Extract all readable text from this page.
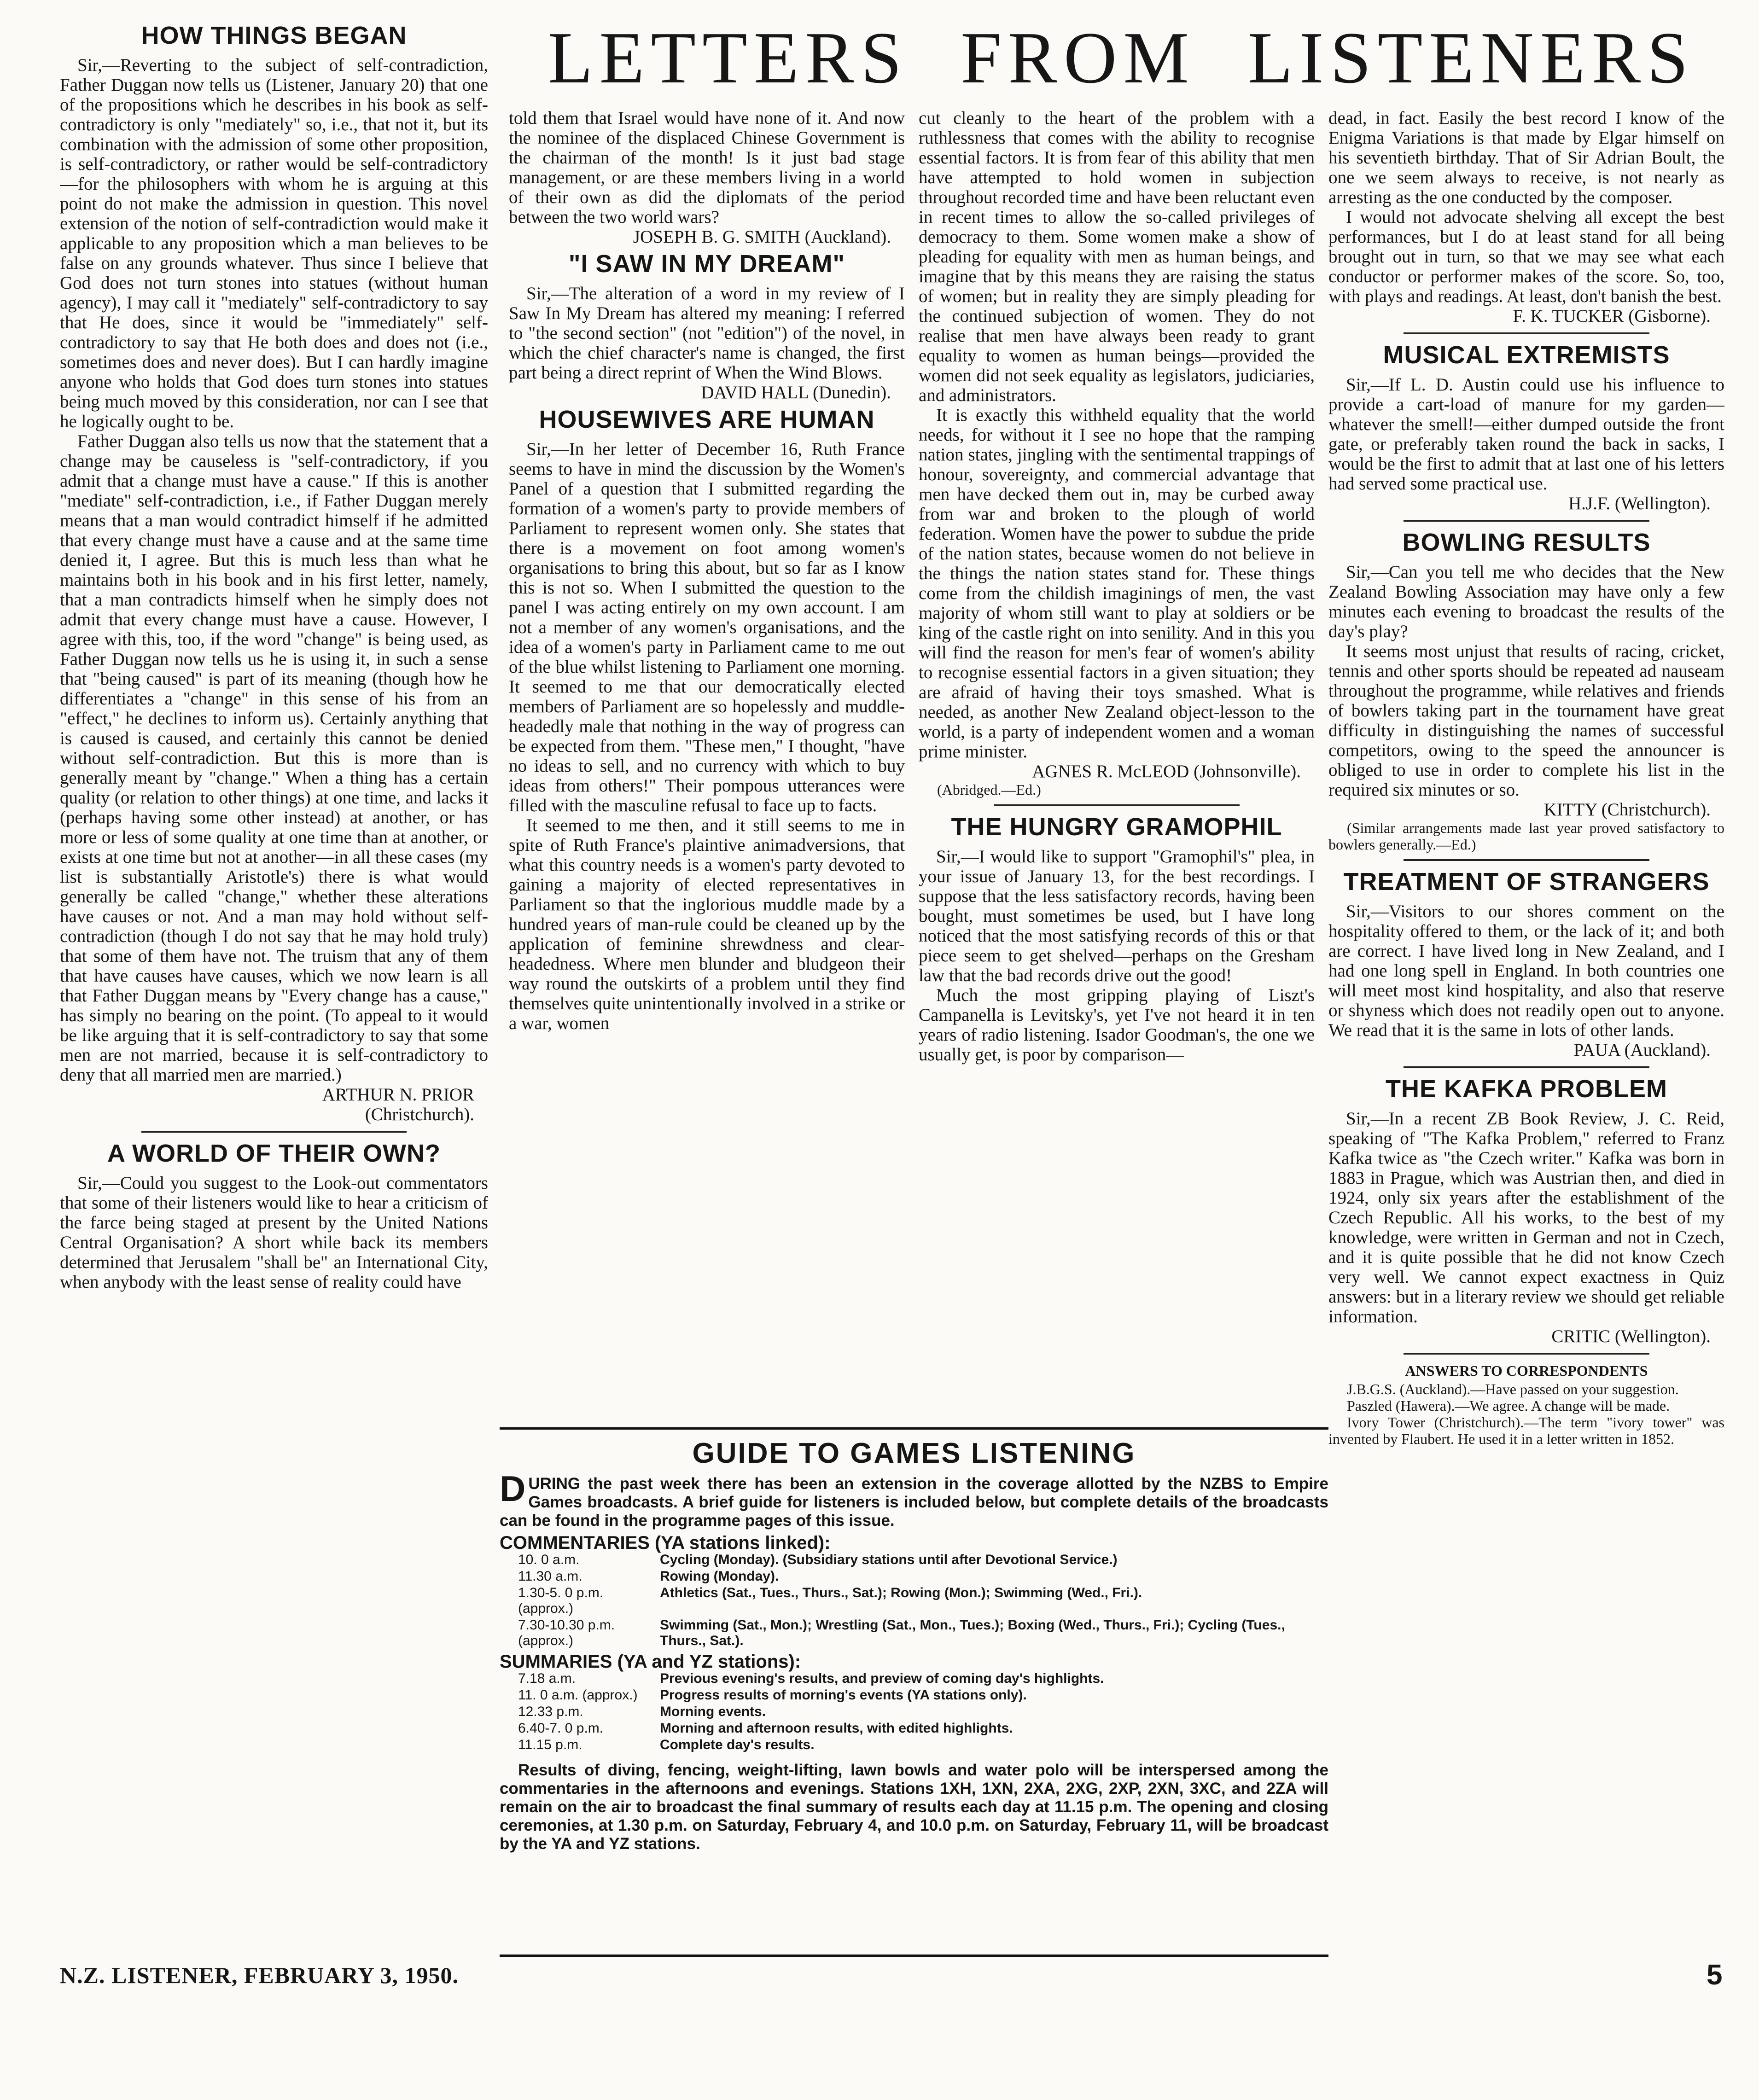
LETTERS FROM LISTENERS
HOW THINGS BEGAN

Sir,—Reverting to the subject of self-contradiction, Father Duggan now tells us (Listener, January 20) that one of the propositions which he describes in his book as self-contradictory is only "mediately" so, i.e., that not it, but its combination with the admission of some other proposition, is self-contradictory, or rather would be self-contradictory—for the philosophers with whom he is arguing at this point do not make the admission in question. This novel extension of the notion of self-contradiction would make it applicable to any proposition which a man believes to be false on any grounds whatever. Thus since I believe that God does not turn stones into statues (without human agency), I may call it "mediately" self-contradictory to say that He does, since it would be "immediately" self-contradictory to say that He both does and does not (i.e., sometimes does and never does). But I can hardly imagine anyone who holds that God does turn stones into statues being much moved by this consideration, nor can I see that he logically ought to be.

Father Duggan also tells us now that the statement that a change may be causeless is "self-contradictory, if you admit that a change must have a cause." If this is another "mediate" self-contradiction, i.e., if Father Duggan merely means that a man would contradict himself if he admitted that every change must have a cause and at the same time denied it, I agree. But this is much less than what he maintains both in his book and in his first letter, namely, that a man contradicts himself when he simply does not admit that every change must have a cause. However, I agree with this, too, if the word "change" is being used, as Father Duggan now tells us he is using it, in such a sense that "being caused" is part of its meaning (though how he differentiates a "change" in this sense of his from an "effect," he declines to inform us). Certainly anything that is caused is caused, and certainly this cannot be denied without self-contradiction. But this is more than is generally meant by "change." When a thing has a certain quality (or relation to other things) at one time, and lacks it (perhaps having some other instead) at another, or has more or less of some quality at one time than at another, or exists at one time but not at another—in all these cases (my list is substantially Aristotle's) there is what would generally be called "change," whether these alterations have causes or not. And a man may hold without self-contradiction (though I do not say that he may hold truly) that some of them have not. The truism that any of them that have causes have causes, which we now learn is all that Father Duggan means by "Every change has a cause," has simply no bearing on the point. (To appeal to it would be like arguing that it is self-contradictory to say that some men are not married, because it is self-contradictory to deny that all married men are married.)

ARTHUR N. PRIOR

(Christchurch).

A WORLD OF THEIR OWN?

Sir,—Could you suggest to the Look-out commentators that some of their listeners would like to hear a criticism of the farce being staged at present by the United Nations Central Organisation? A short while back its members determined that Jerusalem "shall be" an International City, when anybody with the least sense of reality could have

told them that Israel would have none of it. And now the nominee of the displaced Chinese Government is the chairman of the month! Is it just bad stage management, or are these members living in a world of their own as did the diplomats of the period between the two world wars?

JOSEPH B. G. SMITH (Auckland).

"I SAW IN MY DREAM"

Sir,—The alteration of a word in my review of I Saw In My Dream has altered my meaning: I referred to "the second section" (not "edition") of the novel, in which the chief character's name is changed, the first part being a direct reprint of When the Wind Blows.

DAVID HALL (Dunedin).

HOUSEWIVES ARE HUMAN

Sir,—In her letter of December 16, Ruth France seems to have in mind the discussion by the Women's Panel of a question that I submitted regarding the formation of a women's party to provide members of Parliament to represent women only. She states that there is a movement on foot among women's organisations to bring this about, but so far as I know this is not so. When I submitted the question to the panel I was acting entirely on my own account. I am not a member of any women's organisations, and the idea of a women's party in Parliament came to me out of the blue whilst listening to Parliament one morning. It seemed to me that our democratically elected members of Parliament are so hopelessly and muddle-headedly male that nothing in the way of progress can be expected from them. "These men," I thought, "have no ideas to sell, and no currency with which to buy ideas from others!" Their pompous utterances were filled with the masculine refusal to face up to facts.

It seemed to me then, and it still seems to me in spite of Ruth France's plaintive animadversions, that what this country needs is a women's party devoted to gaining a majority of elected representatives in Parliament so that the inglorious muddle made by a hundred years of man-rule could be cleaned up by the application of feminine shrewdness and clear-headedness. Where men blunder and bludgeon their way round the outskirts of a problem until they find themselves quite unintentionally involved in a strike or a war, women

cut cleanly to the heart of the problem with a ruthlessness that comes with the ability to recognise essential factors. It is from fear of this ability that men have attempted to hold women in subjection throughout recorded time and have been reluctant even in recent times to allow the so-called privileges of democracy to them. Some women make a show of pleading for equality with men as human beings, and imagine that by this means they are raising the status of women; but in reality they are simply pleading for the continued subjection of women. They do not realise that men have always been ready to grant equality to women as human beings—provided the women did not seek equality as legislators, judiciaries, and administrators.

It is exactly this withheld equality that the world needs, for without it I see no hope that the ramping nation states, jingling with the sentimental trappings of honour, sovereignty, and commercial advantage that men have decked them out in, may be curbed away from war and broken to the plough of world federation. Women have the power to subdue the pride of the nation states, because women do not believe in the things the nation states stand for. These things come from the childish imaginings of men, the vast majority of whom still want to play at soldiers or be king of the castle right on into senility. And in this you will find the reason for men's fear of women's ability to recognise essential factors in a given situation; they are afraid of having their toys smashed. What is needed, as another New Zealand object-lesson to the world, is a party of independent women and a woman prime minister.

AGNES R. McLEOD (Johnsonville).

(Abridged.—Ed.)

THE HUNGRY GRAMOPHIL

Sir,—I would like to support "Gramophil's" plea, in your issue of January 13, for the best recordings. I suppose that the less satisfactory records, having been bought, must sometimes be used, but I have long noticed that the most satisfying records of this or that piece seem to get shelved—perhaps on the Gresham law that the bad records drive out the good!

Much the most gripping playing of Liszt's Campanella is Levitsky's, yet I've not heard it in ten years of radio listening. Isador Goodman's, the one we usually get, is poor by comparison—

dead, in fact. Easily the best record I know of the Enigma Variations is that made by Elgar himself on his seventieth birthday. That of Sir Adrian Boult, the one we seem always to receive, is not nearly as arresting as the one conducted by the composer.

I would not advocate shelving all except the best performances, but I do at least stand for all being brought out in turn, so that we may see what each conductor or performer makes of the score. So, too, with plays and readings. At least, don't banish the best.

F. K. TUCKER (Gisborne).

MUSICAL EXTREMISTS

Sir,—If L. D. Austin could use his influence to provide a cart-load of manure for my garden—whatever the smell!—either dumped outside the front gate, or preferably taken round the back in sacks, I would be the first to admit that at last one of his letters had served some practical use.

H.J.F. (Wellington).

BOWLING RESULTS

Sir,—Can you tell me who decides that the New Zealand Bowling Association may have only a few minutes each evening to broadcast the results of the day's play?

It seems most unjust that results of racing, cricket, tennis and other sports should be repeated ad nauseam throughout the programme, while relatives and friends of bowlers taking part in the tournament have great difficulty in distinguishing the names of successful competitors, owing to the speed the announcer is obliged to use in order to complete his list in the required six minutes or so.

KITTY (Christchurch).

(Similar arrangements made last year proved satisfactory to bowlers generally.—Ed.)

TREATMENT OF STRANGERS

Sir,—Visitors to our shores comment on the hospitality offered to them, or the lack of it; and both are correct. I have lived long in New Zealand, and I had one long spell in England. In both countries one will meet most kind hospitality, and also that reserve or shyness which does not readily open out to anyone. We read that it is the same in lots of other lands.

PAUA (Auckland).

THE KAFKA PROBLEM

Sir,—In a recent ZB Book Review, J. C. Reid, speaking of "The Kafka Problem," referred to Franz Kafka twice as "the Czech writer." Kafka was born in 1883 in Prague, which was Austrian then, and died in 1924, only six years after the establishment of the Czech Republic. All his works, to the best of my knowledge, were written in German and not in Czech, and it is quite possible that he did not know Czech very well. We cannot expect exactness in Quiz answers: but in a literary review we should get reliable information.

CRITIC (Wellington).

ANSWERS TO CORRESPONDENTS

J.B.G.S. (Auckland).—Have passed on your suggestion.

Paszled (Hawera).—We agree. A change will be made.

Ivory Tower (Christchurch).—The term "ivory tower" was invented by Flaubert. He used it in a letter written in 1852.

GUIDE TO GAMES LISTENING
DURING the past week there has been an extension in the coverage allotted by the NZBS to Empire Games broadcasts. A brief guide for listeners is included below, but complete details of the broadcasts can be found in the programme pages of this issue.
COMMENTARIES (YA stations linked):
10. 0 a.m.	Cycling (Monday). (Subsidiary stations until after Devotional Service.)
11.30 a.m.	Rowing (Monday).
1.30-5. 0 p.m. (approx.)	Athletics (Sat., Tues., Thurs., Sat.); Rowing (Mon.); Swimming (Wed., Fri.).
7.30-10.30 p.m. (approx.)	Swimming (Sat., Mon.); Wrestling (Sat., Mon., Tues.); Boxing (Wed., Thurs., Fri.); Cycling (Tues., Thurs., Sat.).
SUMMARIES (YA and YZ stations):
7.18 a.m.	Previous evening's results, and preview of coming day's highlights.
11. 0 a.m. (approx.)	Progress results of morning's events (YA stations only).
12.33 p.m.	Morning events.
6.40-7. 0 p.m.	Morning and afternoon results, with edited highlights.
11.15 p.m.	Complete day's results.
Results of diving, fencing, weight-lifting, lawn bowls and water polo will be interspersed among the commentaries in the afternoons and evenings. Stations 1XH, 1XN, 2XA, 2XG, 2XP, 2XN, 3XC, and 2ZA will remain on the air to broadcast the final summary of results each day at 11.15 p.m. The opening and closing ceremonies, at 1.30 p.m. on Saturday, February 4, and 10.0 p.m. on Saturday, February 11, will be broadcast by the YA and YZ stations.
N.Z. LISTENER, FEBRUARY 3, 1950.	5
